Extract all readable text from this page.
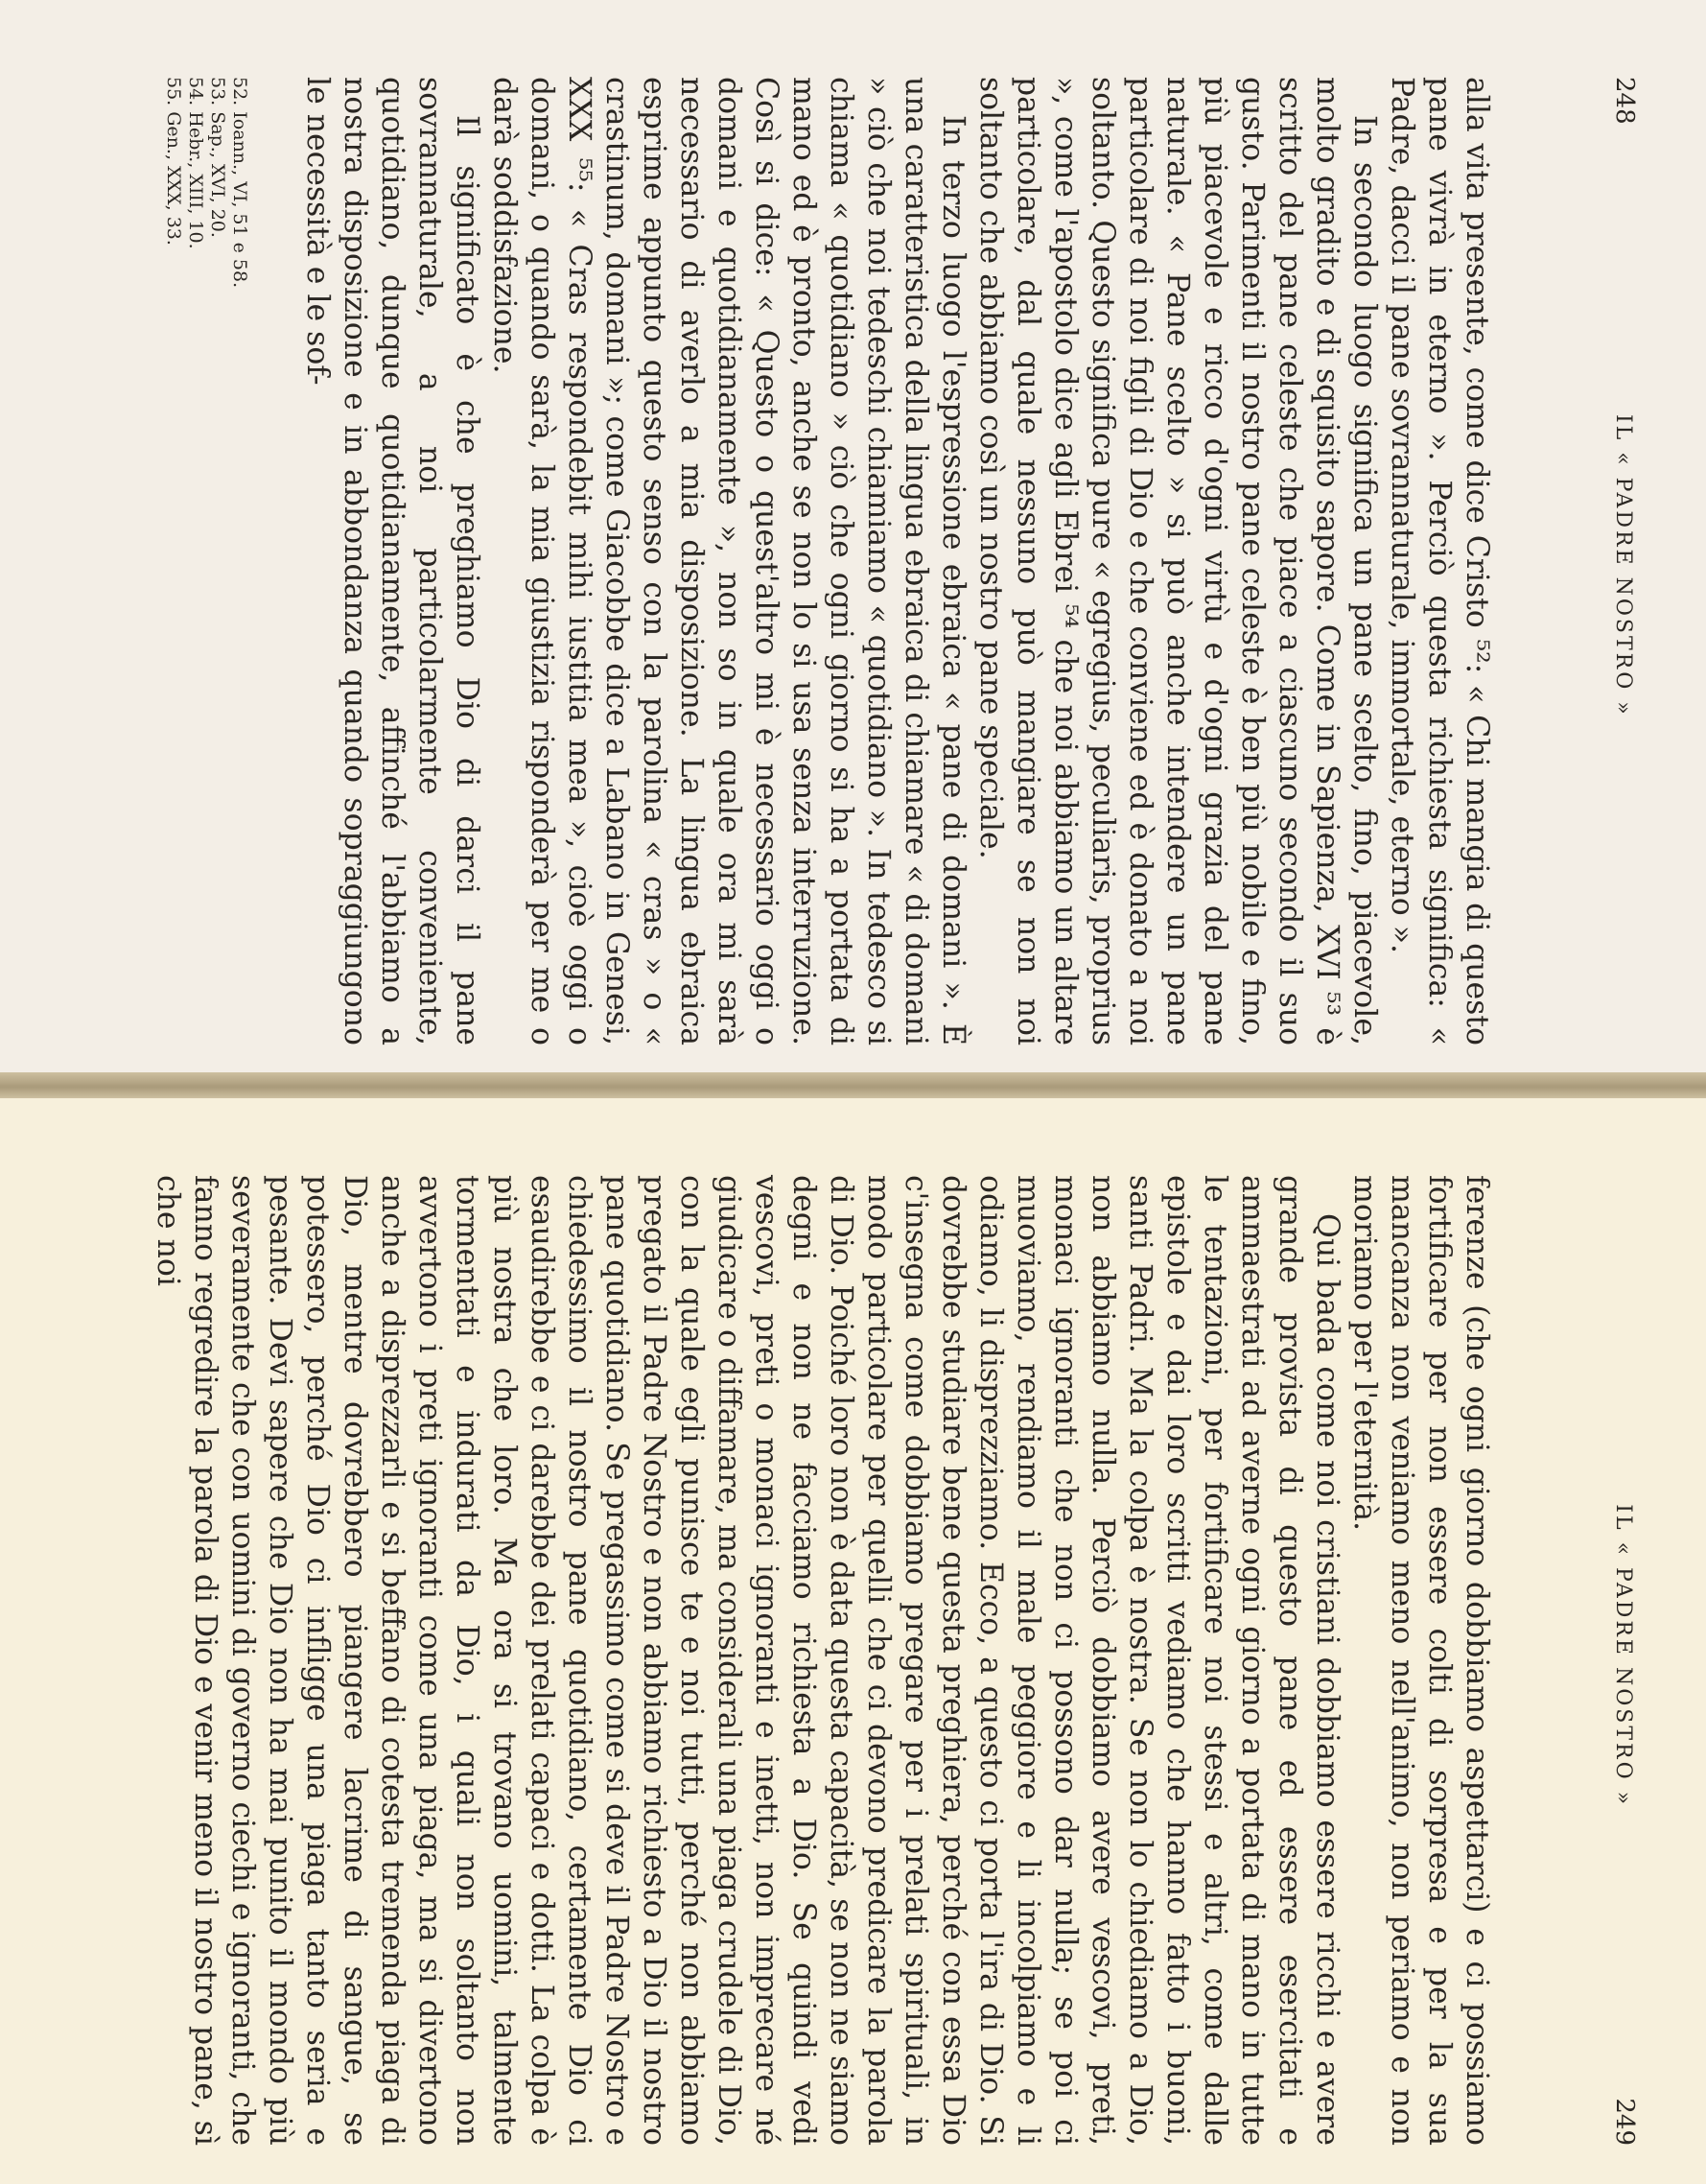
248
IL « PADRE NOSTRO »

alla vita presente, come dice Cristo ⁵²: « Chi mangia di questo pane vivrà in eterno ». Perciò questa richiesta significa: « Padre, dacci il pane sovrannaturale, immortale, eterno ».

In secondo luogo significa un pane scelto, fino, piacevole, molto gradito e di squisito sapore. Come in Sapienza, XVI ⁵³ è scritto del pane celeste che piace a ciascuno secondo il suo gusto. Parimenti il nostro pane celeste è ben più nobile e fino, più piacevole e ricco d'ogni virtù e d'ogni grazia del pane naturale. « Pane scelto » si può anche intendere un pane particolare di noi figli di Dio e che conviene ed è donato a noi soltanto. Questo significa pure « egregius, peculiaris, proprius », come l'apostolo dice agli Ebrei ⁵⁴ che noi abbiamo un altare particolare, dal quale nessuno può mangiare se non noi soltanto che abbiamo così un nostro pane speciale.

In terzo luogo l'espressione ebraica « pane di domani ». È una caratteristica della lingua ebraica di chiamare « di domani » ciò che noi tedeschi chiamiamo « quotidiano ». In tedesco si chiama « quotidiano » ciò che ogni giorno si ha a portata di mano ed è pronto, anche se non lo si usa senza interruzione. Così si dice: « Questo o quest'altro mi è necessario oggi o domani e quotidianamente », non so in quale ora mi sarà necessario di averlo a mia disposizione. La lingua ebraica esprime appunto questo senso con la parolina « cras » o « crastinum, domani »; come Giacobbe dice a Labano in Genesi, XXX ⁵⁵: « Cras respondebit mihi iustitia mea », cioè oggi o domani, o quando sarà, la mia giustizia risponderà per me o darà soddisfazione.

Il significato è che preghiamo Dio di darci il pane sovrannaturale, a noi particolarmente conveniente, quotidiano, dunque quotidianamente, affinché l'abbiamo a nostra disposizione e in abbondanza quando sopraggiungono le necessità e le sof-

52. Ioann., VI, 51 e 58.
53. Sap., XVI, 20.
54. Hebr., XIII, 10.
55. Gen., XXX, 33.
IL « PADRE NOSTRO »
249

ferenze (che ogni giorno dobbiamo aspettarci) e ci possiamo fortificare per non essere colti di sorpresa e per la sua mancanza non veniamo meno nell'animo, non periamo e non moriamo per l'eternità.

Qui bada come noi cristiani dobbiamo essere ricchi e avere grande provista di questo pane ed essere esercitati e ammaestrati ad averne ogni giorno a portata di mano in tutte le tentazioni, per fortificare noi stessi e altri, come dalle epistole e dai loro scritti vediamo che hanno fatto i buoni, santi Padri. Ma la colpa è nostra. Se non lo chiediamo a Dio, non abbiamo nulla. Perciò dobbiamo avere vescovi, preti, monaci ignoranti che non ci possono dar nulla; se poi ci muoviamo, rendiamo il male peggiore e li incolpiamo e li odiamo, li disprezziamo. Ecco, a questo ci porta l'ira di Dio. Si dovrebbe studiare bene questa preghiera, perché con essa Dio c'insegna come dobbiamo pregare per i prelati spirituali, in modo particolare per quelli che ci devono predicare la parola di Dio. Poiché loro non è data questa capacità, se non ne siamo degni e non ne facciamo richiesta a Dio. Se quindi vedi vescovi, preti o monaci ignoranti e inetti, non imprecare né giudicare o diffamare, ma considerali una piaga crudele di Dio, con la quale egli punisce te e noi tutti, perché non abbiamo pregato il Padre Nostro e non abbiamo richiesto a Dio il nostro pane quotidiano. Se pregassimo come si deve il Padre Nostro e chiedessimo il nostro pane quotidiano, certamente Dio ci esaudirebbe e ci darebbe dei prelati capaci e dotti. La colpa è più nostra che loro. Ma ora si trovano uomini, talmente tormentati e indurati da Dio, i quali non soltanto non avvertono i preti ignoranti come una piaga, ma si divertono anche a disprezzarli e si beffano di cotesta tremenda piaga di Dio, mentre dovrebbero piangere lacrime di sangue, se potessero, perché Dio ci infligge una piaga tanto seria e pesante. Devi sapere che Dio non ha mai punito il mondo più severamente che con uomini di governo ciechi e ignoranti, che fanno regredire la parola di Dio e venir meno il nostro pane, sì che noi
